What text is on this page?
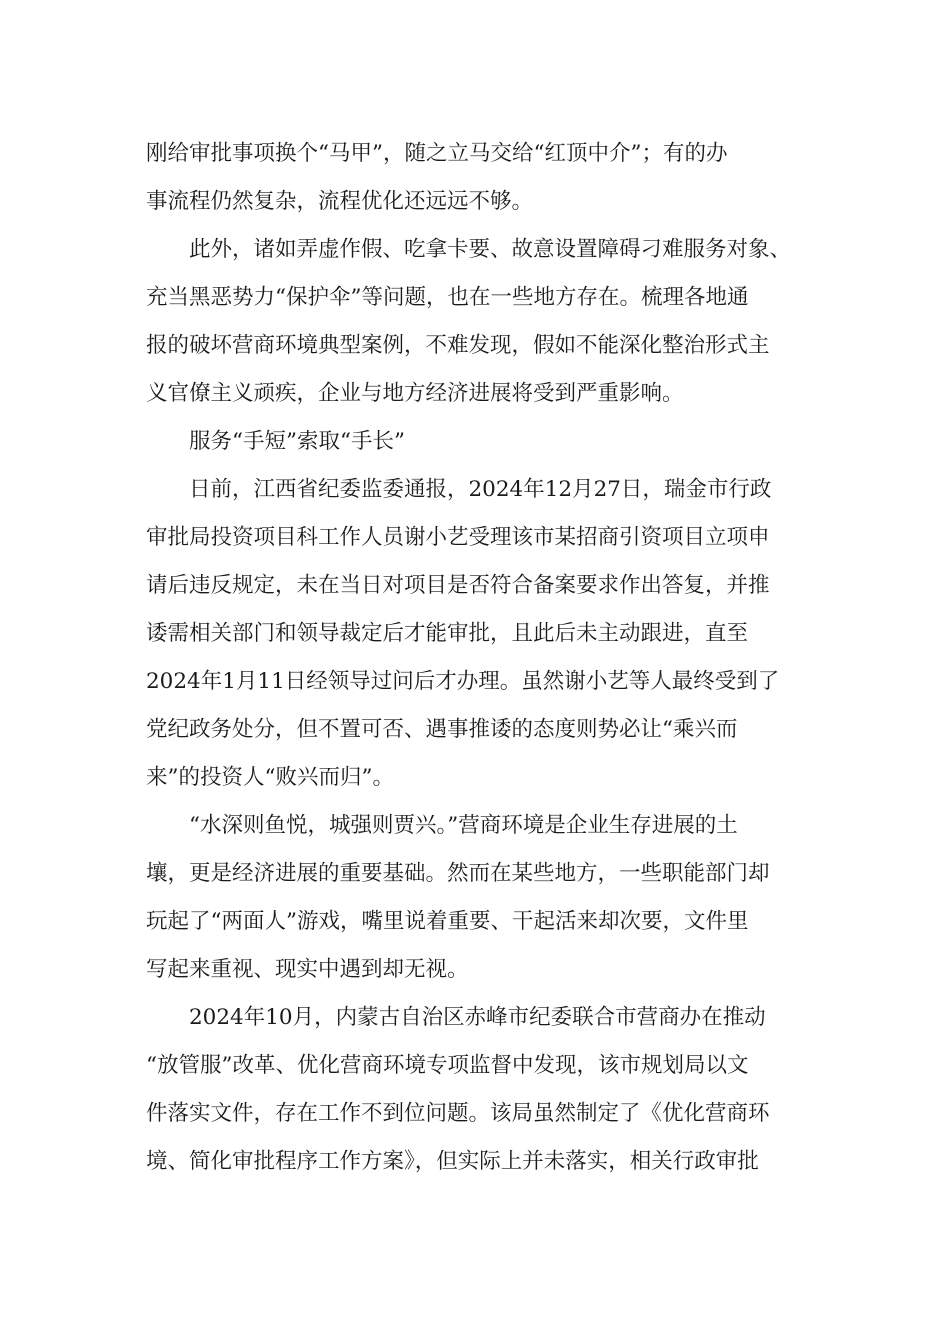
刚给审批事项换个“马甲”，随之立马交给“红顶中介”；有的办
事流程仍然复杂，流程优化还远远不够。

此外，诸如弄虚作假、吃拿卡要、故意设置障碍刁难服务对象、
充当黑恶势力“保护伞”等问题，也在一些地方存在。梳理各地通
报的破坏营商环境典型案例，不难发现，假如不能深化整治形式主
义官僚主义顽疾，企业与地方经济进展将受到严重影响。

服务“手短”索取“手长”

日前，江西省纪委监委通报，2024年12月27日，瑞金市行政
审批局投资项目科工作人员谢小艺受理该市某招商引资项目立项申
请后违反规定，未在当日对项目是否符合备案要求作出答复，并推
诿需相关部门和领导裁定后才能审批，且此后未主动跟进，直至
2024年1月11日经领导过问后才办理。虽然谢小艺等人最终受到了
党纪政务处分，但不置可否、遇事推诿的态度则势必让“乘兴而
来”的投资人“败兴而归”。

“水深则鱼悦，城强则贾兴。”营商环境是企业生存进展的土
壤，更是经济进展的重要基础。然而在某些地方，一些职能部门却
玩起了“两面人”游戏，嘴里说着重要、干起活来却次要，文件里
写起来重视、现实中遇到却无视。

2024年10月，内蒙古自治区赤峰市纪委联合市营商办在推动
“放管服”改革、优化营商环境专项监督中发现，该市规划局以文
件落实文件，存在工作不到位问题。该局虽然制定了《优化营商环
境、简化审批程序工作方案》，但实际上并未落实，相关行政审批
